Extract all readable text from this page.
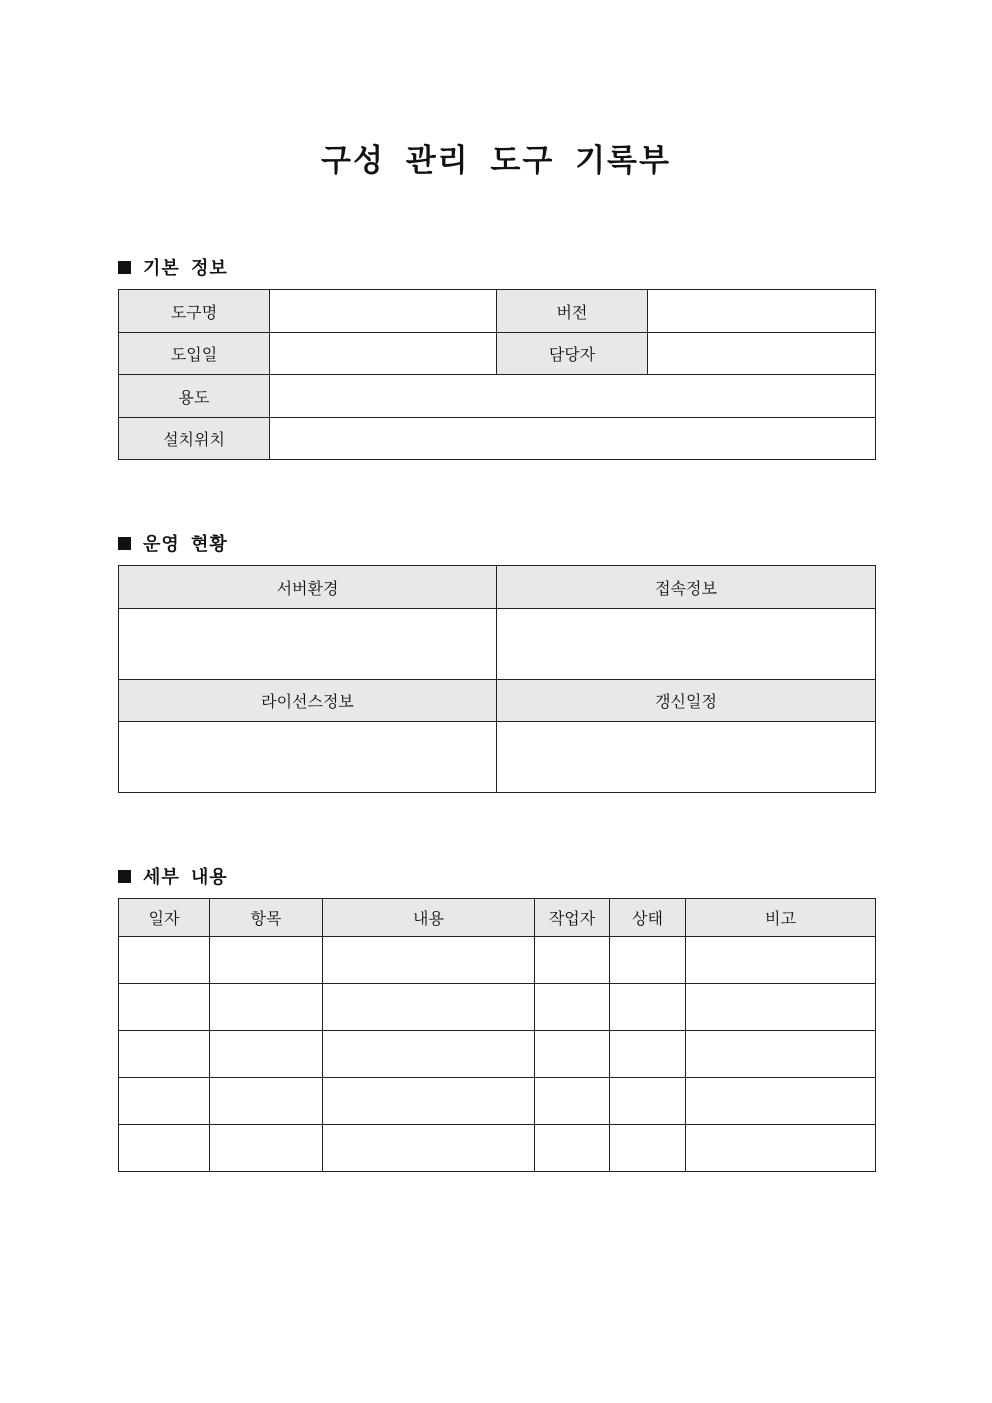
구성 관리 도구 기록부
기본 정보
도구명		버전	
도입일		담당자	
용도			
설치위치			
운영 현황
서버환경	접속정보

라이선스정보	갱신일정

세부 내용
일자	항목	내용	작업자	상태	비고
